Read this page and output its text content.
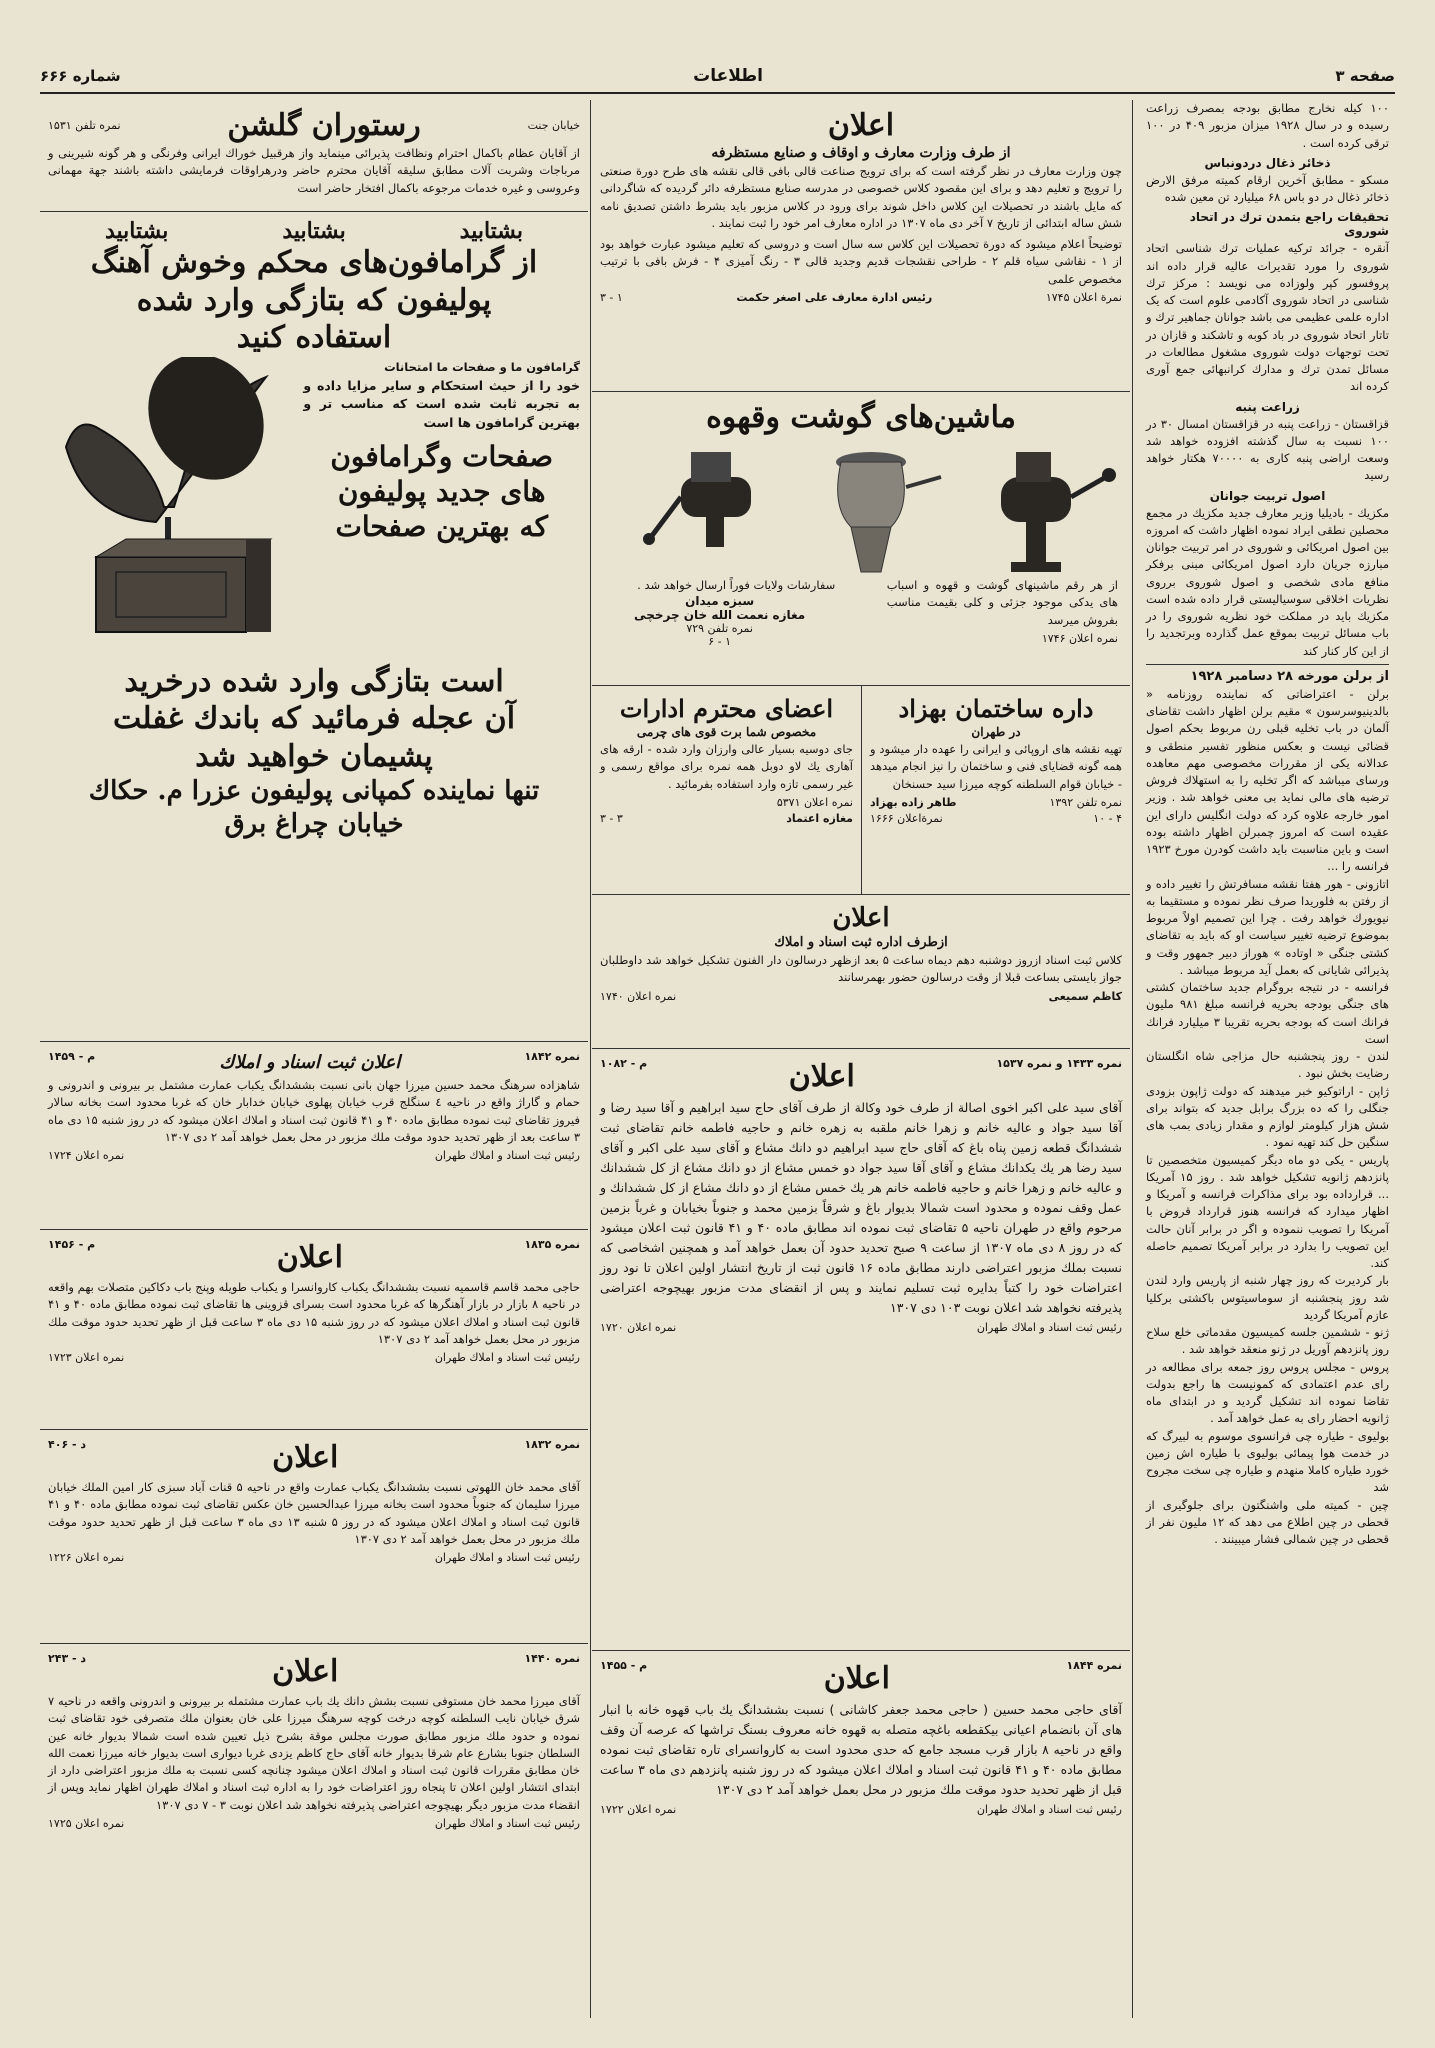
صفحه ۳
اطلاعات
شماره ۶۶۶

۱۰۰ کیله نخارج مطابق بودجه بمصرف زراعت رسیده و در سال ۱۹۲۸ میزان مزبور ۴۰۹ در ۱۰۰ ترقی کرده است .

ذخائر ذغال دردونباس

مسکو - مطابق آخرین ارقام کمیته مرفق الارض ذخائر ذغال در دو باس ۶۸ میلیارد تن معین شده

تحقیقات راجع بتمدن ترك در اتحاد شوروی

آنقره - جرائد ترکیه عملیات ترك شناسی اتحاد شوروی را مورد تقدیرات عالیه قرار داده اند پروفسور کپر ولوزاده می نویسد : مرکز ترك شناسی در اتحاد شوروی آکادمی علوم است که یک اداره علمی عظیمی می باشد جوانان جماهیر ترك و تاتار اتحاد شوروی در باد کوبه و تاشکند و قازان در تحت توجهات دولت شوروی مشغول مطالعات در مسائل تمدن ترك و مدارك کرانبهائی جمع آوری کرده اند

زراعت پنبه

قزاقستان - زراعت پنبه در قزاقستان امسال ۳۰ در ۱۰۰ نسبت به سال گذشته افزوده خواهد شد وسعت اراضی پنبه کاری به ۷۰۰۰۰ هکتار خواهد رسید

اصول تربیت جوانان

مکزیك - بادیلیا وزیر معارف جدید مکزیك در مجمع محصلین نطقی ایراد نموده اظهار داشت که امروزه بین اصول امریکائی و شوروی در امر تربیت جوانان مبارزه جریان دارد اصول امریکائی مبنی برفکر منافع مادی شخصی و اصول شوروی برروی نظریات اخلاقی سوسیالیستی قرار داده شده است مکزیك باید در مملکت خود نظریه شوروی را در باب مسائل تربیت بموقع عمل گذارده وبرتجدید را از این کار کنار کند

از برلن مورخه ۲۸ دسامبر ۱۹۲۸

برلن - اعتراضاتی که نماینده روزنامه « بالدینیوسرسون » مقیم برلن اظهار داشت تقاضای آلمان در باب تخلیه قبلی رن مربوط بحکم اصول قضائی نیست و بعکس منظور تفسیر منطقی و عدالانه یکی از مقررات مخصوصی مهم معاهده ورسای میباشد که اگر تخلیه را به استهلاك فروش ترضیه های مالی نماید بی معنی خواهد شد . وزیر امور خارجه علاوه کرد که دولت انگلیس دارای این عقیده است که امروز چمبرلن اظهار داشته بوده است و باین مناسبت باید داشت کودرن مورخ ۱۹۲۳ فرانسه را ...

اتازونی - هور هفتا نقشه مسافرتش را تغییر داده و از رفتن به فلوریدا صرف نظر نموده و مستقیما به نیویورك خواهد رفت . چرا این تصمیم اولاً مربوط بموضوع ترضیه تغییر سیاست او که باید به تقاضای کشتی جنگی « اوتاده » هوراز دبیر جمهور وقت و پذیرائی شایانی که بعمل آید مربوط میباشد .

فرانسه - در نتیجه بروگرام جدید ساختمان کشتی های جنگی بودجه بحریه فرانسه مبلغ ۹۸۱ ملیون فرانك است که بودجه بحریه تقریبا ۳ میلیارد فرانك است

لندن - روز پنجشنبه حال مزاجی شاه انگلستان رضایت بخش نبود .

ژاپن - اراتوکیو خبر میدهند که دولت ژاپون بزودی جنگلی را که ده بزرگ برابل جدید که بتواند برای شش هزار کیلومتر لوازم و مقدار زیادی بمب های سنگین حل کند تهیه نمود .

پاریس - یکی دو ماه دیگر کمیسیون متخصصین تا پانزدهم ژانویه تشکیل خواهد شد . روز ۱۵ آمریکا ... قرارداده بود برای مذاکرات فرانسه و آمریکا و اظهار میدارد که فرانسه هنوز قرارداد قروض با آمریکا را تصویب ننموده و اگر در برابر آنان حالت این تصویب را بدارد در برابر آمریکا تصمیم حاصله کند.

بار کردیرت که روز چهار شنبه از پاریس وارد لندن شد روز پنجشنبه از سوماسیتوس باکشتی برکلیا عازم آمریکا گردید

ژنو - ششمین جلسه کمیسیون مقدماتی خلع سلاح روز پانزدهم آوریل در ژنو منعقد خواهد شد .

پروس - مجلس پروس روز جمعه برای مطالعه در رای عدم اعتمادی که کمونیست ها راجع بدولت تقاضا نموده اند تشکیل گردید و در ابتدای ماه ژانویه احضار رای به عمل خواهد آمد .

بولیوی - طیاره چی فرانسوی موسوم به لبیرگ که در خدمت هوا پیمائی بولیوی با طیاره اش زمین خورد طیاره کاملا منهدم و طیاره چی سخت مجروح شد

چین - کمیته ملی واشنگتون برای جلوگیری از قحطی در چین اطلاع می دهد که ۱۲ ملیون نفر از قحطی در چین شمالی فشار میبینند .

اعلان
از طرف وزارت معارف و اوقاف و صنایع مستظرفه

چون وزارت معارف در نظر گرفته است که برای ترویج صناعت قالی بافی قالی نقشه های طرح دورة صنعتی را ترویج و تعلیم دهد و برای این مقصود کلاس خصوصی در مدرسه صنایع مستظرفه دائر گردیده که شاگردانی که مایل باشند در تحصیلات این کلاس داخل شوند برای ورود در کلاس مزبور باید بشرط داشتن تصدیق نامه شش ساله ابتدائی از تاریخ ۷ آخر دی ماه ۱۳۰۷ در اداره معارف امر خود را ثبت نمایند .

توضیحاً اعلام میشود که دورة تحصیلات این کلاس سه سال است و دروسی که تعلیم میشود عبارت خواهد بود از ۱ - نقاشی سیاه قلم ۲ - طراحی نقشجات قدیم وجدید قالی ۳ - رنگ آمیزی ۴ - فرش بافی با ترتیب مخصوص علمی

نمرة اعلان ۱۷۴۵
رئیس ادارة معارف علی اصغر حکمت
۱ - ۳
ماشین‌های گوشت وقهوه

از هر رقم ماشینهای گوشت و قهوه و اسباب های یدکی موجود جزئی و کلی بقیمت مناسب بفروش میرسد

نمره اعلان ۱۷۴۶

سفارشات ولایات فوراً ارسال خواهد شد .

سبزه میدان
مغازه نعمت الله خان چرخچی
نمره تلفن ۷۲۹
۱ - ۶
داره ساختمان بهزاد
در طهران

تهیه نقشه های اروپائی و ایرانی را عهده دار میشود و همه گونه قضایای فنی و ساختمان را نیز انجام میدهد - خیابان قوام السلطنه کوچه میرزا سید حسنخان

نمره تلفن ۱۳۹۲
طاهر زاده بهزاد
۴ - ۱۰
نمرةاعلان ۱۶۶۶
اعضای محترم ادارات
مخصوص شما برت قوی های چرمی

جای دوسیه بسیار عالی وارزان وارد شده - ارقه های آهاری یك لاو دوبل همه نمره برای مواقع رسمی و غیر رسمی تازه وارد استفاده بفرمائید .

نمره اعلان ۵۳۷۱
مغازه اعتماد
۳ - ۳
اعلان
ازطرف اداره ثبت اسناد و املاك

کلاس ثبت اسناد ازروز دوشنبه دهم دیماه ساعت ۵ بعد ازظهر درسالون دار الفنون تشکیل خواهد شد داوطلبان جواز بایستی بساعت قبلا از وقت درسالون حضور بهمرسانند

کاظم سمیعی
نمره اعلان ۱۷۴۰
نمره ۱۴۳۳ و نمره ۱۵۳۷
اعلان
م - ۱۰۸۲

آقای سید علی اکبر اخوی اصالة از طرف خود وکالة از طرف آقای حاج سید ابراهیم و آقا سید رضا و آقا سید جواد و عالیه خانم و زهرا خانم ملقبه به زهره خانم و حاجیه فاطمه خانم تقاضای ثبت ششدانگ قطعه زمین پناه باغ که آقای حاج سید ابراهیم دو دانك مشاع و آقای سید علی اکبر و آقای سید رضا هر یك یکدانك مشاع و آقای آقا سید جواد دو خمس مشاع از دو دانك مشاع از کل ششدانك و عالیه خانم و زهرا خانم و حاجیه فاطمه خانم هر یك خمس مشاع از دو دانك مشاع از کل ششدانك و عمل وقف نموده و محدود است شمالا بدیوار باغ و شرقاً بزمین محمد و جنوباً بخیابان و غرباً بزمین مرحوم واقع در طهران ناحیه ۵ تقاضای ثبت نموده اند مطابق ماده ۴۰ و ۴۱ قانون ثبت اعلان میشود که در روز ۸ دی ماه ۱۳۰۷ از ساعت ۹ صبح تحدید حدود آن بعمل خواهد آمد و همچنین اشخاصی که نسبت بملك مزبور اعتراضی دارند مطابق ماده ۱۶ قانون ثبت از تاریخ انتشار اولین اعلان تا نود روز اعتراضات خود را کتباً بدایره ثبت تسلیم نمایند و پس از انقضای مدت مزبور بهیچوجه اعتراضی پذیرفته نخواهد شد اعلان نوبت ۱۰۳ دی ۱۳۰۷

رئیس ثبت اسناد و املاك طهران
نمره اعلان ۱۷۲۰
نمره ۱۸۴۴
اعلان
م - ۱۴۵۵

آقای حاجی محمد حسین ( حاجی محمد جعفر کاشانی ) نسبت بششدانگ یك باب قهوه خانه با انبار های آن بانضمام اعیانی بیکقطعه باغچه متصله به قهوه خانه معروف بسنگ تراشها که عرصه آن وقف واقع در ناحیه ۸ بازار قرب مسجد جامع که حدی محدود است به کاروانسرای تاره تقاضای ثبت نموده مطابق ماده ۴۰ و ۴۱ قانون ثبت اسناد و املاك اعلان میشود که در روز شنبه پانزدهم دی ماه ۳ ساعت قبل از ظهر تحدید حدود موقت ملك مزبور در محل بعمل خواهد آمد ۲ دی ۱۳۰۷

رئیس ثبت اسناد و املاك طهران
نمره اعلان ۱۷۲۲
خیابان جنت
رستوران گلشن
نمره تلفن ۱۵۳۱

از آقایان عظام باکمال احترام ونظافت پذیرائی مینماید واز هرقبیل خوراك ایرانی وفرنگی و هر گونه شیرینی و مرباجات وشربت آلات مطابق سلیقه آقایان محترم حاضر ودرهراوقات فرمایشی داشته باشند جهة مهمانی وعروسی و غیره خدمات مرجوعه باکمال افتخار حاضر است

بشتابید
بشتابید
بشتابید
از گرامافون‌های محکم وخوش آهنگ
پولیفون که بتازگی وارد شده
استفاده کنید
گرامافون ما و صفحات ما امتحانات

خود را از حیث استحکام و سایر مزایا داده و به تجربه ثابت شده است که مناسب تر و بهترین گرامافون ها است

صفحات وگرامافون
های جدید پولیفون
که بهترین صفحات
است بتازگی وارد شده درخرید
آن عجله فرمائید که باندك غفلت
پشیمان خواهید شد
تنها نماینده کمپانی پولیفون عزرا م. حکاك
خیابان چراغ برق
نمره ۱۸۴۲
اعلان ثبت اسناد و املاك
م - ۱۴۵۹

شاهزاده سرهنگ محمد حسین میرزا جهان بانی نسبت بششدانگ یکباب عمارت مشتمل بر بیرونی و اندرونی و حمام و گاراژ واقع در ناحیه ٤ سنگلج قرب خیابان پهلوی خیابان خدابار خان که غربا محدود است بخانه سالار فیروز تقاضای ثبت نموده مطابق ماده ۴۰ و ۴۱ قانون ثبت اسناد و املاك اعلان میشود که در روز شنبه ۱۵ دی ماه ۳ ساعت بعد از ظهر تحدید حدود موقت ملك مزبور در محل بعمل خواهد آمد ۲ دی ۱۳۰۷

رئیس ثبت اسناد و املاك طهران
نمره اعلان ۱۷۲۴
نمره ۱۸۳۵
اعلان
م - ۱۴۵۶

حاجی محمد قاسم قاسمیه نسبت بششدانگ یکباب کاروانسرا و یکباب طویله وپنج باب دکاکین متصلات بهم واقعه در ناحیه ۸ بازار در بازار آهنگرها که غربا محدود است بسرای قزوینی ها تقاضای ثبت نموده مطابق ماده ۴۰ و ۴۱ قانون ثبت اسناد و املاك اعلان میشود که در روز شنبه ۱۵ دی ماه ۳ ساعت قبل از ظهر تحدید حدود موقت ملك مزبور در محل بعمل خواهد آمد ۲ دی ۱۳۰۷

رئیس ثبت اسناد و املاك طهران
نمره اعلان ۱۷۲۳
نمره ۱۸۳۲
اعلان
د - ۴۰۶

آقای محمد خان اللهوتی نسبت بششدانگ یکباب عمارت واقع در ناحیه ۵ قنات آباد سبزی کار امین الملك خیابان میرزا سلیمان که جنوباً محدود است بخانه میرزا عبدالحسین خان عکس تقاضای ثبت نموده مطابق ماده ۴۰ و ۴۱ قانون ثبت اسناد و املاك اعلان میشود که در روز ۵ شنبه ۱۳ دی ماه ۳ ساعت قبل از ظهر تحدید حدود موقت ملك مزبور در محل بعمل خواهد آمد ۲ دی ۱۳۰۷

رئیس ثبت اسناد و املاك طهران
نمره اعلان ۱۲۲۶
نمره ۱۴۴۰
اعلان
د - ۲۴۳

آقای میرزا محمد خان مستوفی نسبت بشش دانك یك باب عمارت مشتمله بر بیرونی و اندرونی واقعه در ناحیه ۷ شرق خیابان نایب السلطنه کوچه درخت کوچه سرهنگ میرزا علی خان بعنوان ملك متصرفی خود تقاضای ثبت نموده و حدود ملك مزبور مطابق صورت مجلس موقة بشرح ذیل تعیین شده است شمالا بدیوار خانه عین السلطان جنوبا بشارع عام شرقا بدیوار خانه آقای حاج کاظم یزدی غربا دیواری است بدیوار خانه میرزا نعمت الله خان مطابق مقررات قانون ثبت اسناد و املاك اعلان میشود چنانچه کسی نسبت به ملك مزبور اعتراضی دارد از ابتدای انتشار اولین اعلان تا پنجاه روز اعتراضات خود را به اداره ثبت اسناد و املاك طهران اظهار نماید وپس از انقضاء مدت مزبور دیگر بهیچوجه اعتراضی پذیرفته نخواهد شد اعلان نوبت ۳ - ۷ دی ۱۳۰۷

رئیس ثبت اسناد و املاك طهران
نمره اعلان ۱۷۲۵
